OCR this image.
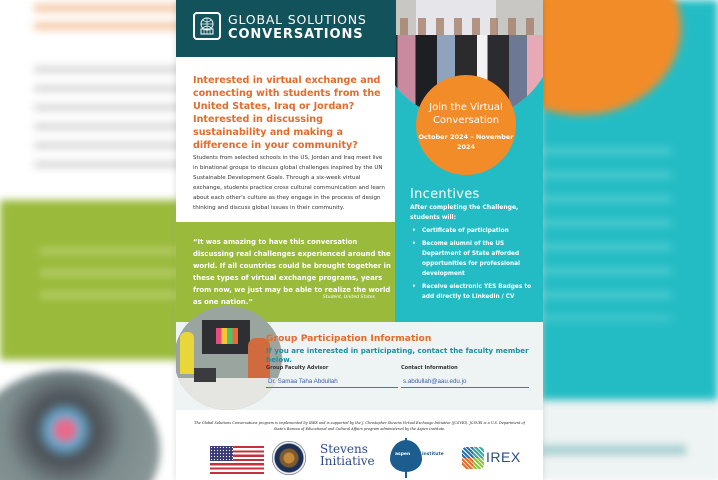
GLOBAL SOLUTIONS
CONVERSATIONS
Interested in virtual exchange and connecting with students from the United States, Iraq or Jordan? Interested in discussing sustainability and making a difference in your community?
Students from selected schools in the US, Jordan and Iraq meet live in binational groups to discuss global challenges inspired by the UN Sustainable Development Goals. Through a six-week virtual exchange, students practice cross cultural communication and learn about each other's culture as they engage in the process of design thinking and discuss global issues in their community.
Join the Virtual Conversation
October 2024 – November 2024
Incentives
After completing the Challenge, students will:
• Certificate of participation
• Become alumni of the US Department of State afforded opportunities for professional development
• Receive electronic YES Badges to add directly to Linkedin / CV
“It was amazing to have this conversation discussing real challenges experienced around the world. If all countries could be brought together in these types of virtual exchange programs, years from now, we just may be able to realize the world as one nation.”
Student, United States
Group Participation Information
If you are interested in participating, contact the faculty member below.
Group Faculty Advisor	Contact Information
Dr. Samaa Taha Abdullah	s.abdullah@aau.edu.jo
The Global Solutions Conversations program is implemented by IREX and is supported by the J. Christopher Stevens Virtual Exchange Initiative (JCSVEI). JCSVEI is a U.S. Department of State's Bureau of Educational and Cultural Affairs program administered by the Aspen Institute.
Stevens
Initiative	aspen	institute	IREX
